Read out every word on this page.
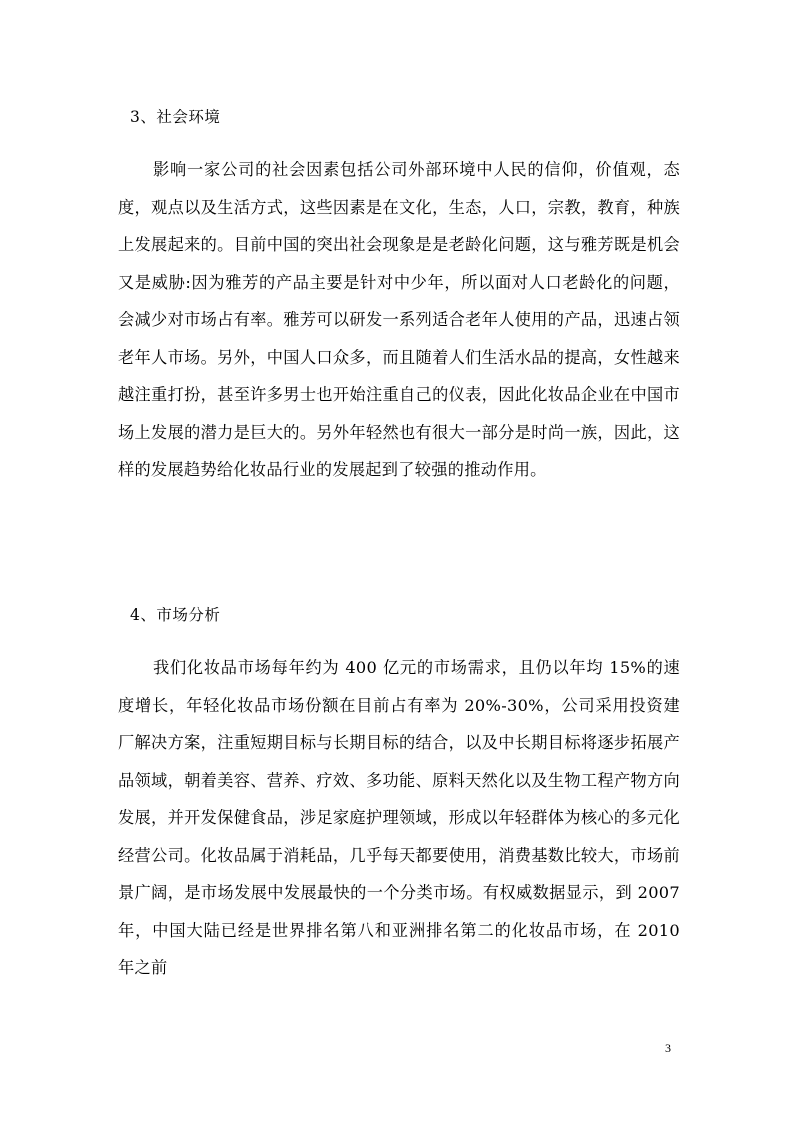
3、社会环境

影响一家公司的社会因素包括公司外部环境中人民的信仰，价值观，态度，观点以及生活方式，这些因素是在文化，生态，人口，宗教，教育，种族上发展起来的。目前中国的突出社会现象是是老龄化问题，这与雅芳既是机会又是威胁:因为雅芳的产品主要是针对中少年，所以面对人口老龄化的问题，会减少对市场占有率。雅芳可以研发一系列适合老年人使用的产品，迅速占领老年人市场。另外，中国人口众多，而且随着人们生活水品的提高，女性越来越注重打扮，甚至许多男士也开始注重自己的仪表，因此化妆品企业在中国市场上发展的潜力是巨大的。另外年轻然也有很大一部分是时尚一族，因此，这样的发展趋势给化妆品行业的发展起到了较强的推动作用。

4、市场分析

我们化妆品市场每年约为 400 亿元的市场需求，且仍以年均 15%的速度增长，年轻化妆品市场份额在目前占有率为 20%-30%，公司采用投资建厂解决方案，注重短期目标与长期目标的结合，以及中长期目标将逐步拓展产品领域，朝着美容、营养、疗效、多功能、原料天然化以及生物工程产物方向发展，并开发保健食品，涉足家庭护理领域，形成以年轻群体为核心的多元化经营公司。化妆品属于消耗品，几乎每天都要使用，消费基数比较大，市场前景广阔，是市场发展中发展最快的一个分类市场。有权威数据显示，到 2007 年，中国大陆已经是世界排名第八和亚洲排名第二的化妆品市场，在 2010 年之前

3
